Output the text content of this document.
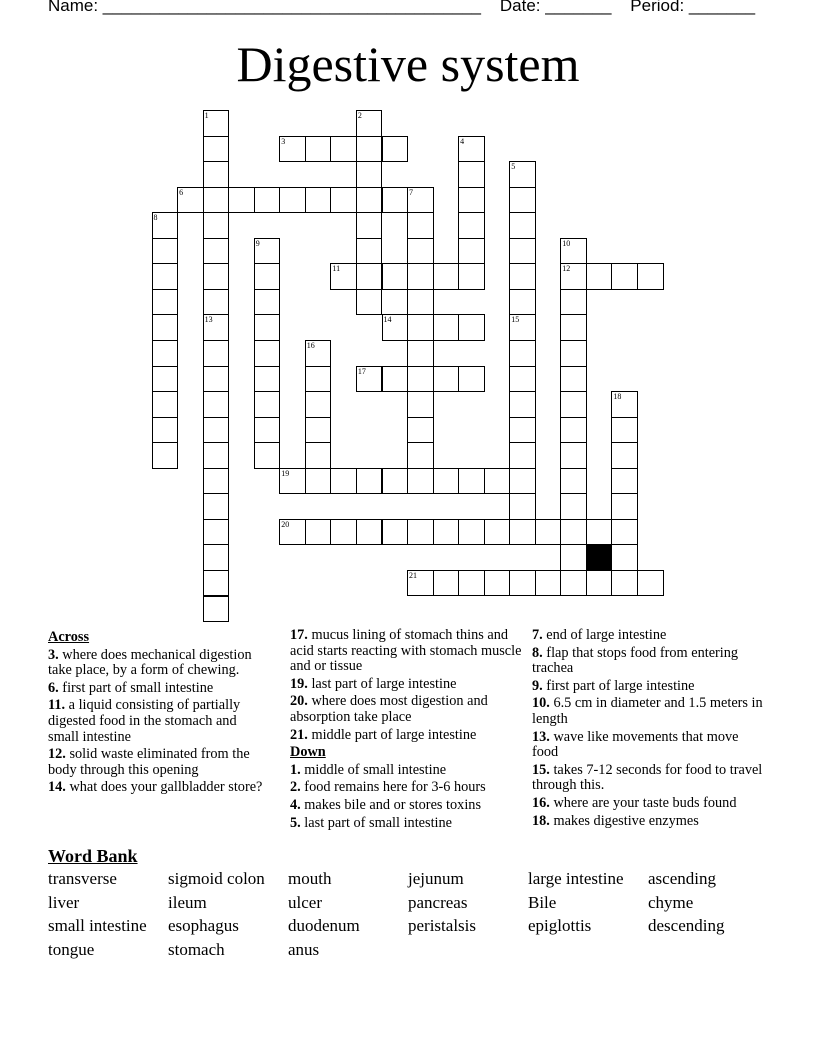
Name: ________________________________________    Date: _______    Period: _______
Digestive system
1
13
2
3	4
5
6	7
8
9	10
12
11
14	15
16
17
18
19
20
21
Across
3. where does mechanical digestion take place, by a form of chewing.
6. first part of small intestine
11. a liquid consisting of partially digested food in the stomach and small intestine
12. solid waste eliminated from the body through this opening
14. what does your gallbladder store?
17. mucus lining of stomach thins and acid starts reacting with stomach muscle and or tissue
19. last part of large intestine
20. where does most digestion and absorption take place
21. middle part of large intestine
Down
1. middle of small intestine
2. food remains here for 3-6 hours
4. makes bile and or stores toxins
5. last part of small intestine
7. end of large intestine
8. flap that stops food from entering trachea
9. first part of large intestine
10. 6.5 cm in diameter and 1.5 meters in length
13. wave like movements that move food
15. takes 7-12 seconds for food to travel through this.
16. where are your taste buds found
18. makes digestive enzymes
Word Bank
transverse	sigmoid colon	mouth	jejunum	large intestine	ascending
liver	ileum	ulcer	pancreas	Bile	chyme
small intestine	esophagus	duodenum	peristalsis	epiglottis	descending
tongue	stomach	anus
